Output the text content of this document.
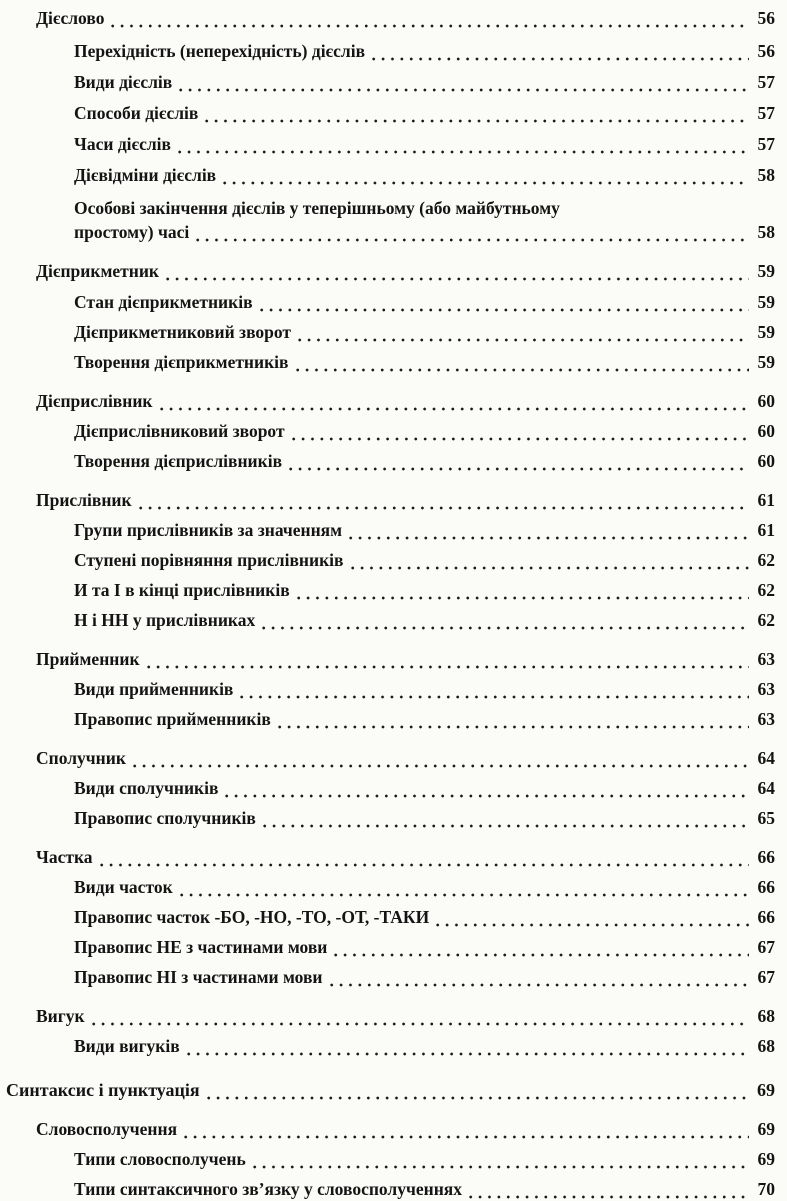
Дієслово	56
Перехідність (неперехідність) дієслів	56
Види дієслів	57
Способи дієслів	57
Часи дієслів	57
Дієвідміни дієслів	58
Особові закінчення дієслів у теперішньому (або майбутньому
простому) часі	58
Дієприкметник	59
Стан дієприкметників	59
Дієприкметниковий зворот	59
Творення дієприкметників	59
Дієприслівник	60
Дієприслівниковий зворот	60
Творення дієприслівників	60
Прислівник	61
Групи прислівників за значенням	61
Ступені порівняння прислівників	62
И та І в кінці прислівників	62
Н і НН у прислівниках	62
Прийменник	63
Види прийменників	63
Правопис прийменників	63
Сполучник	64
Види сполучників	64
Правопис сполучників	65
Частка	66
Види часток	66
Правопис часток -БО, -НО, -ТО, -ОТ, -ТАКИ	66
Правопис НЕ з частинами мови	67
Правопис НІ з частинами мови	67
Вигук	68
Види вигуків	68
Синтаксис і пунктуація	69
Словосполучення	69
Типи словосполучень	69
Типи синтаксичного зв’язку у словосполученнях	70
